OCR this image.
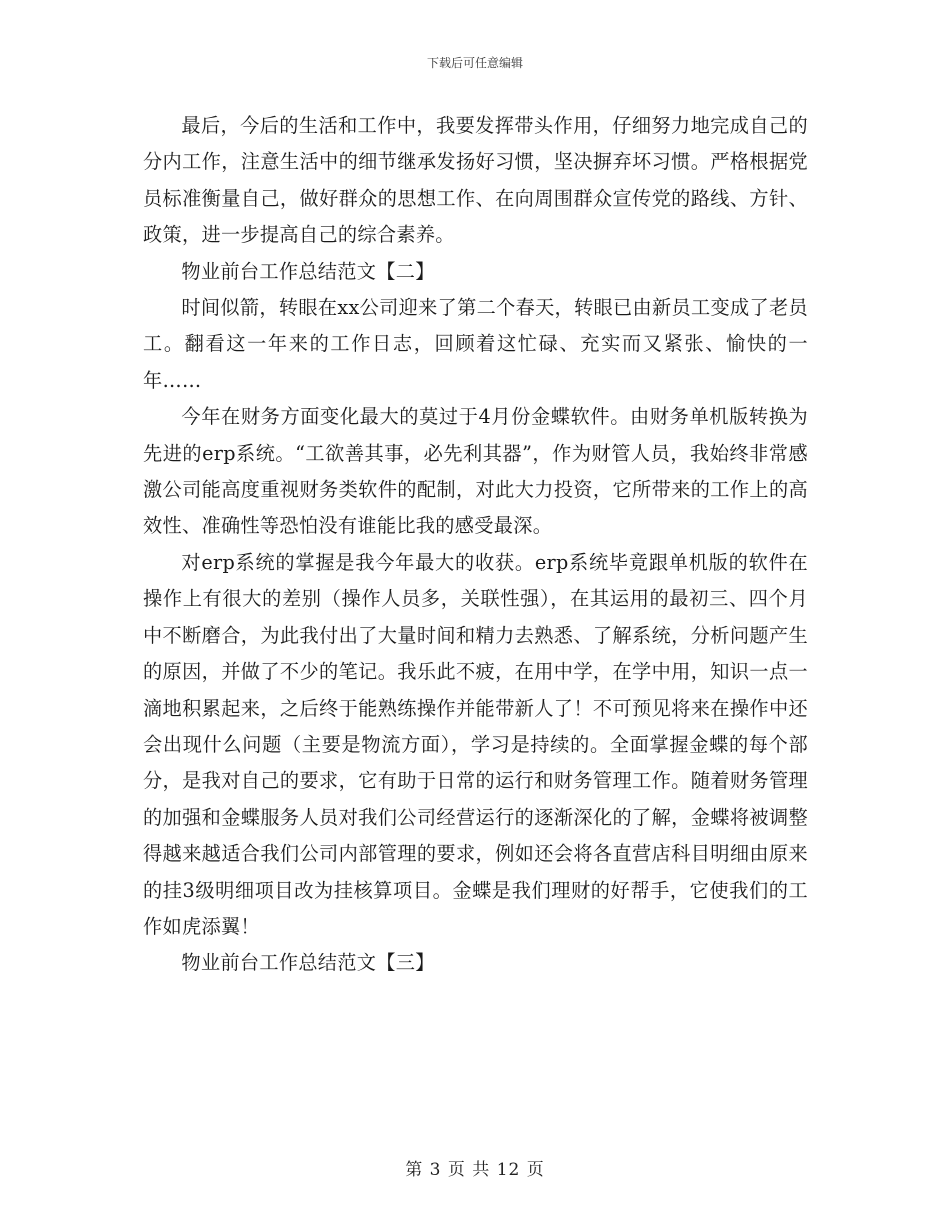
下载后可任意编辑

最后，今后的生活和工作中，我要发挥带头作用，仔细努力地完成自己的分内工作，注意生活中的细节继承发扬好习惯，坚决摒弃坏习惯。严格根据党员标准衡量自己，做好群众的思想工作、在向周围群众宣传党的路线、方针、政策，进一步提高自己的综合素养。

物业前台工作总结范文【二】

时间似箭，转眼在xx公司迎来了第二个春天，转眼已由新员工变成了老员工。翻看这一年来的工作日志，回顾着这忙碌、充实而又紧张、愉快的一年……

今年在财务方面变化最大的莫过于4月份金蝶软件。由财务单机版转换为先进的erp系统。“工欲善其事，必先利其器”，作为财管人员，我始终非常感激公司能高度重视财务类软件的配制，对此大力投资，它所带来的工作上的高效性、准确性等恐怕没有谁能比我的感受最深。

对erp系统的掌握是我今年最大的收获。erp系统毕竟跟单机版的软件在操作上有很大的差别（操作人员多，关联性强），在其运用的最初三、四个月中不断磨合，为此我付出了大量时间和精力去熟悉、了解系统，分析问题产生的原因，并做了不少的笔记。我乐此不疲，在用中学，在学中用，知识一点一滴地积累起来，之后终于能熟练操作并能带新人了！不可预见将来在操作中还会出现什么问题（主要是物流方面），学习是持续的。全面掌握金蝶的每个部分，是我对自己的要求，它有助于日常的运行和财务管理工作。随着财务管理的加强和金蝶服务人员对我们公司经营运行的逐渐深化的了解，金蝶将被调整得越来越适合我们公司内部管理的要求，例如还会将各直营店科目明细由原来的挂3级明细项目改为挂核算项目。金蝶是我们理财的好帮手，它使我们的工作如虎添翼！

物业前台工作总结范文【三】

第 3 页 共 12 页
